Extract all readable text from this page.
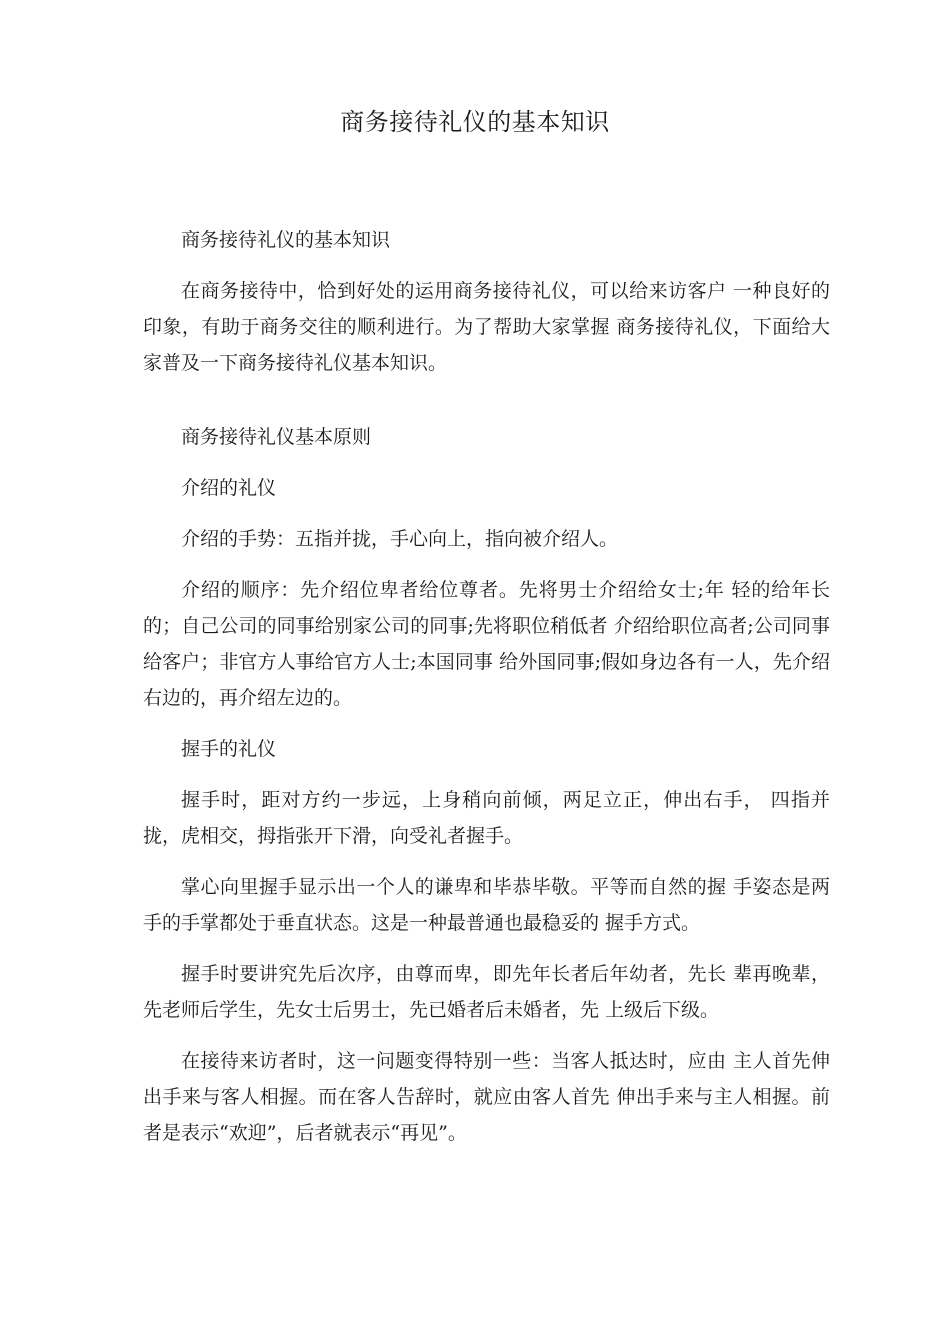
商务接待礼仪的基本知识

商务接待礼仪的基本知识

在商务接待中，恰到好处的运用商务接待礼仪，可以给来访客户 一种良好的印象，有助于商务交往的顺利进行。为了帮助大家掌握 商务接待礼仪，下面给大家普及一下商务接待礼仪基本知识。

商务接待礼仪基本原则

介绍的礼仪

介绍的手势：五指并拢，手心向上，指向被介绍人。

介绍的顺序：先介绍位卑者给位尊者。先将男士介绍给女士;年 轻的给年长的；自己公司的同事给别家公司的同事;先将职位稍低者 介绍给职位高者;公司同事给客户；非官方人事给官方人士;本国同事 给外国同事;假如身边各有一人，先介绍右边的，再介绍左边的。

握手的礼仪

握手时，距对方约一步远，上身稍向前倾，两足立正，伸出右手， 四指并拢，虎相交，拇指张开下滑，向受礼者握手。

掌心向里握手显示出一个人的谦卑和毕恭毕敬。平等而自然的握 手姿态是两手的手掌都处于垂直状态。这是一种最普通也最稳妥的 握手方式。

握手时要讲究先后次序，由尊而卑，即先年长者后年幼者，先长 辈再晚辈，先老师后学生，先女士后男士，先已婚者后未婚者，先 上级后下级。

在接待来访者时，这一问题变得特别一些：当客人抵达时，应由 主人首先伸出手来与客人相握。而在客人告辞时，就应由客人首先 伸出手来与主人相握。前者是表示“欢迎”，后者就表示“再见”。
